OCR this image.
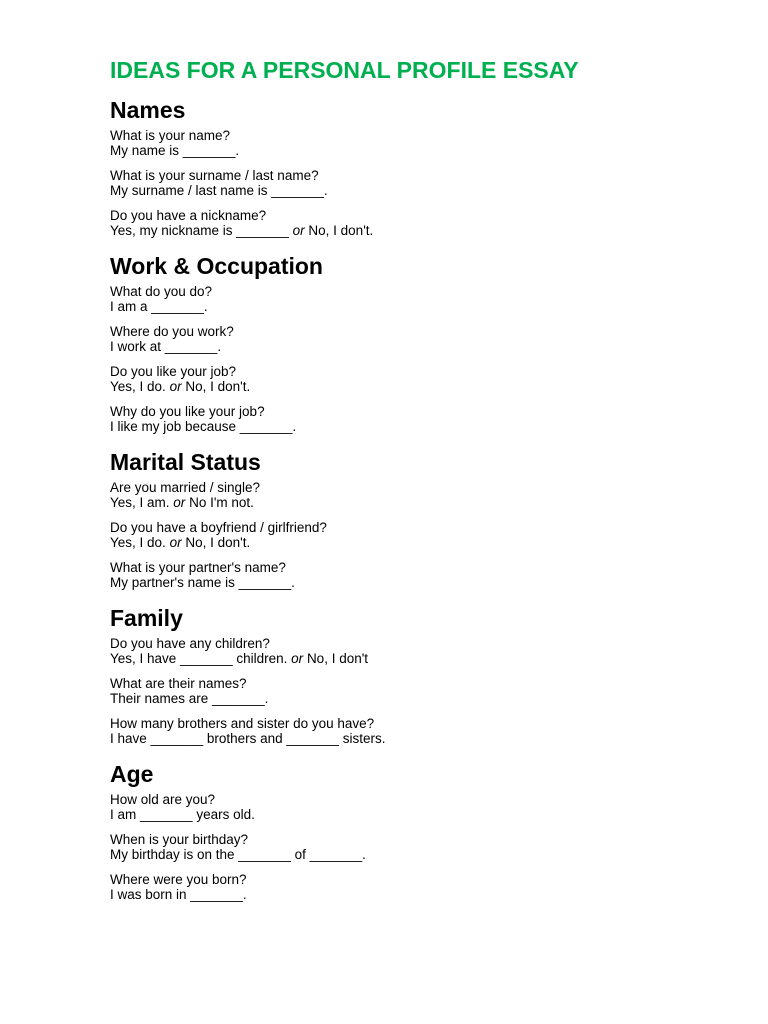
IDEAS FOR A PERSONAL PROFILE ESSAY
Names
What is your name?
My name is _______.
What is your surname / last name?
My surname / last name is _______.
Do you have a nickname?
Yes, my nickname is _______ or No, I don't.
Work & Occupation
What do you do?
I am a _______.
Where do you work?
I work at _______.
Do you like your job?
Yes, I do. or No, I don't.
Why do you like your job?
I like my job because _______.
Marital Status
Are you married / single?
Yes, I am. or No I'm not.
Do you have a boyfriend / girlfriend?
Yes, I do. or No, I don't.
What is your partner's name?
My partner's name is _______.
Family
Do you have any children?
Yes, I have _______ children. or No, I don't
What are their names?
Their names are _______.
How many brothers and sister do you have?
I have _______ brothers and _______ sisters.
Age
How old are you?
I am _______ years old.
When is your birthday?
My birthday is on the _______ of _______.
Where were you born?
I was born in _______.
